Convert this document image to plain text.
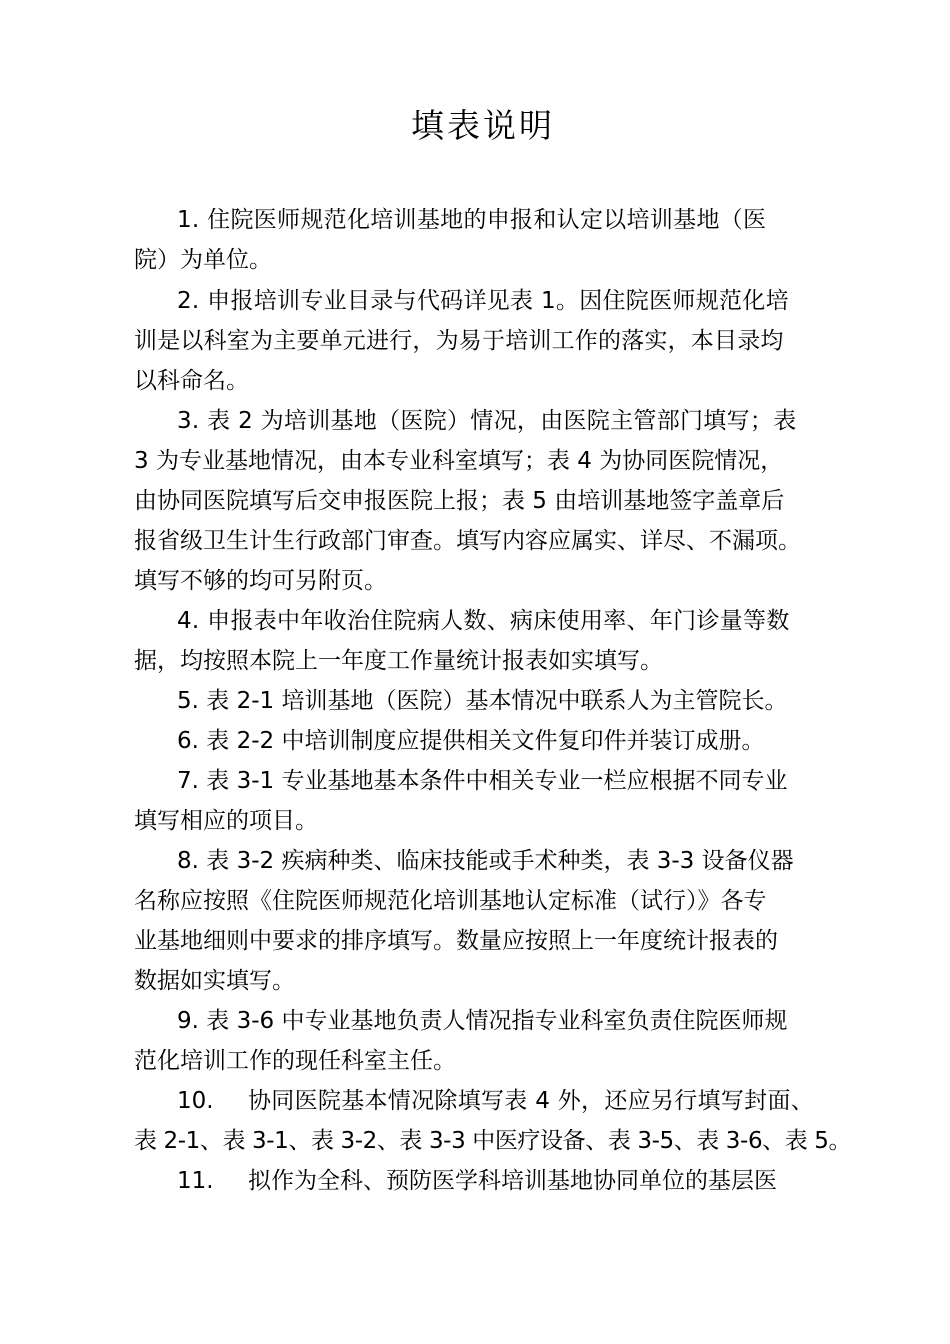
填表说明
1. 住院医师规范化培训基地的申报和认定以培训基地（医
院）为单位。
2. 申报培训专业目录与代码详见表 1。因住院医师规范化培
训是以科室为主要单元进行，为易于培训工作的落实，本目录均
以科命名。
3. 表 2 为培训基地（医院）情况，由医院主管部门填写；表
3 为专业基地情况，由本专业科室填写；表 4 为协同医院情况，
由协同医院填写后交申报医院上报；表 5 由培训基地签字盖章后
报省级卫生计生行政部门审查。填写内容应属实、详尽、不漏项。
填写不够的均可另附页。
4. 申报表中年收治住院病人数、病床使用率、年门诊量等数
据，均按照本院上一年度工作量统计报表如实填写。
5. 表 2-1 培训基地（医院）基本情况中联系人为主管院长。
6. 表 2-2 中培训制度应提供相关文件复印件并装订成册。
7. 表 3-1 专业基地基本条件中相关专业一栏应根据不同专业
填写相应的项目。
8. 表 3-2 疾病种类、临床技能或手术种类，表 3-3 设备仪器
名称应按照《住院医师规范化培训基地认定标准（试行）》各专
业基地细则中要求的排序填写。数量应按照上一年度统计报表的
数据如实填写。
9. 表 3-6 中专业基地负责人情况指专业科室负责住院医师规
范化培训工作的现任科室主任。
10. 协同医院基本情况除填写表 4 外，还应另行填写封面、
表 2-1、表 3-1、表 3-2、表 3-3 中医疗设备、表 3-5、表 3-6、表 5。
11. 拟作为全科、预防医学科培训基地协同单位的基层医
